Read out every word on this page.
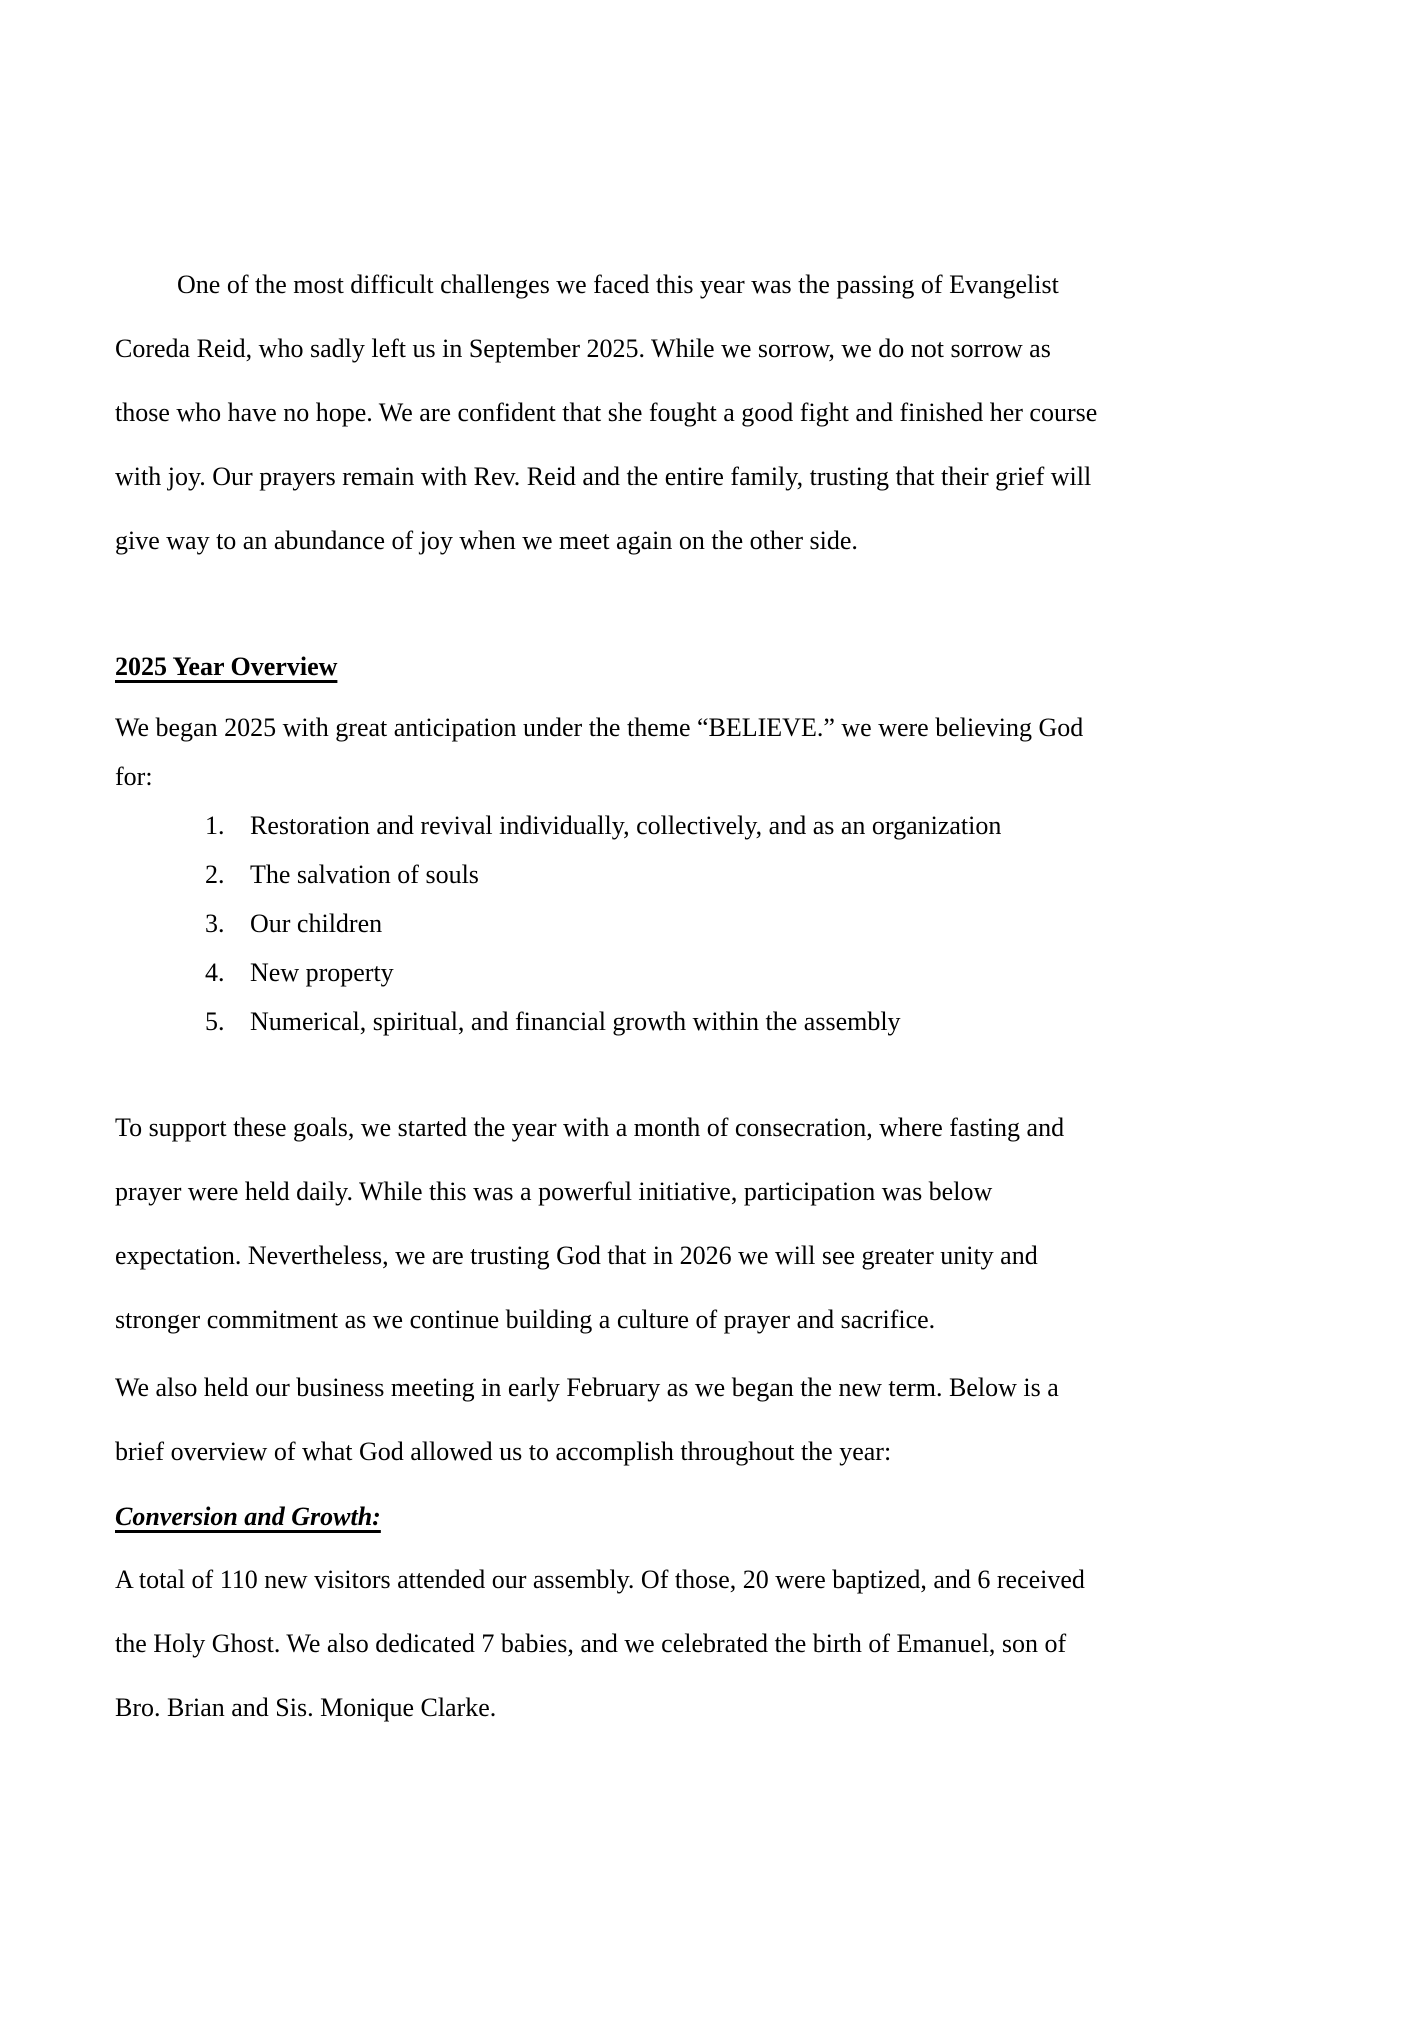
One of the most difficult challenges we faced this year was the passing of Evangelist Coreda Reid, who sadly left us in September 2025. While we sorrow, we do not sorrow as those who have no hope. We are confident that she fought a good fight and finished her course with joy. Our prayers remain with Rev. Reid and the entire family, trusting that their grief will give way to an abundance of joy when we meet again on the other side.

2025 Year Overview

We began 2025 with great anticipation under the theme “BELIEVE.” we were believing God for:

1. Restoration and revival individually, collectively, and as an organization
2. The salvation of souls
3. Our children
4. New property
5. Numerical, spiritual, and financial growth within the assembly

To support these goals, we started the year with a month of consecration, where fasting and prayer were held daily. While this was a powerful initiative, participation was below expectation. Nevertheless, we are trusting God that in 2026 we will see greater unity and stronger commitment as we continue building a culture of prayer and sacrifice.

We also held our business meeting in early February as we began the new term. Below is a brief overview of what God allowed us to accomplish throughout the year:

Conversion and Growth:

A total of 110 new visitors attended our assembly. Of those, 20 were baptized, and 6 received the Holy Ghost. We also dedicated 7 babies, and we celebrated the birth of Emanuel, son of Bro. Brian and Sis. Monique Clarke.
